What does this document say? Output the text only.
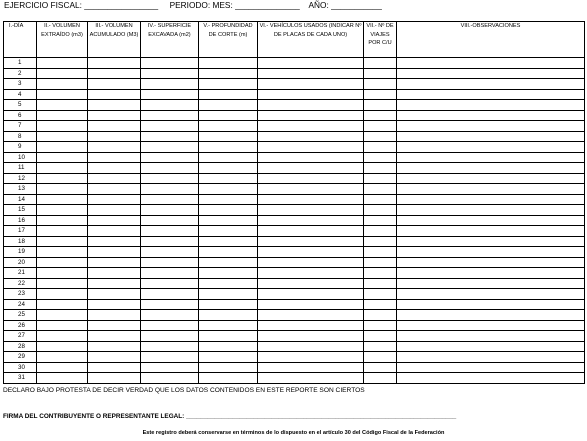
EJERCICIO FISCAL: ________________ PERIODO: MES: ______________ AÑO: ___________
I.-DÍA	II.- VOLUMEN EXTRAÍDO (m3)	III.- VOLUMEN ACUMULADO (M3)	IV.- SUPERFICIE EXCAVADA (m2)	V.- PROFUNDIDAD DE CORTE (m)	VI.- VEHÍCULOS USADOS (INDICAR Nº DE PLACAS DE CADA UNO)	VII.- Nº DE VIAJES POR C/U	VIII.-OBSERVACIONES
1							
2							
3							
4							
5							
6							
7							
8							
9							
10							
11							
12							
13							
14							
15							
16							
17							
18							
19							
20							
21							
22							
23							
24							
25							
26							
27							
28							
29							
30							
31							
DECLARO BAJO PROTESTA DE DECIR VERDAD QUE LOS DATOS CONTENIDOS EN ESTE REPORTE SON CIERTOS
FIRMA DEL CONTRIBUYENTE O REPRESENTANTE LEGAL: ____________________________________________________________________________
Este registro deberá conservarse en términos de lo dispuesto en el artículo 30 del Código Fiscal de la Federación
